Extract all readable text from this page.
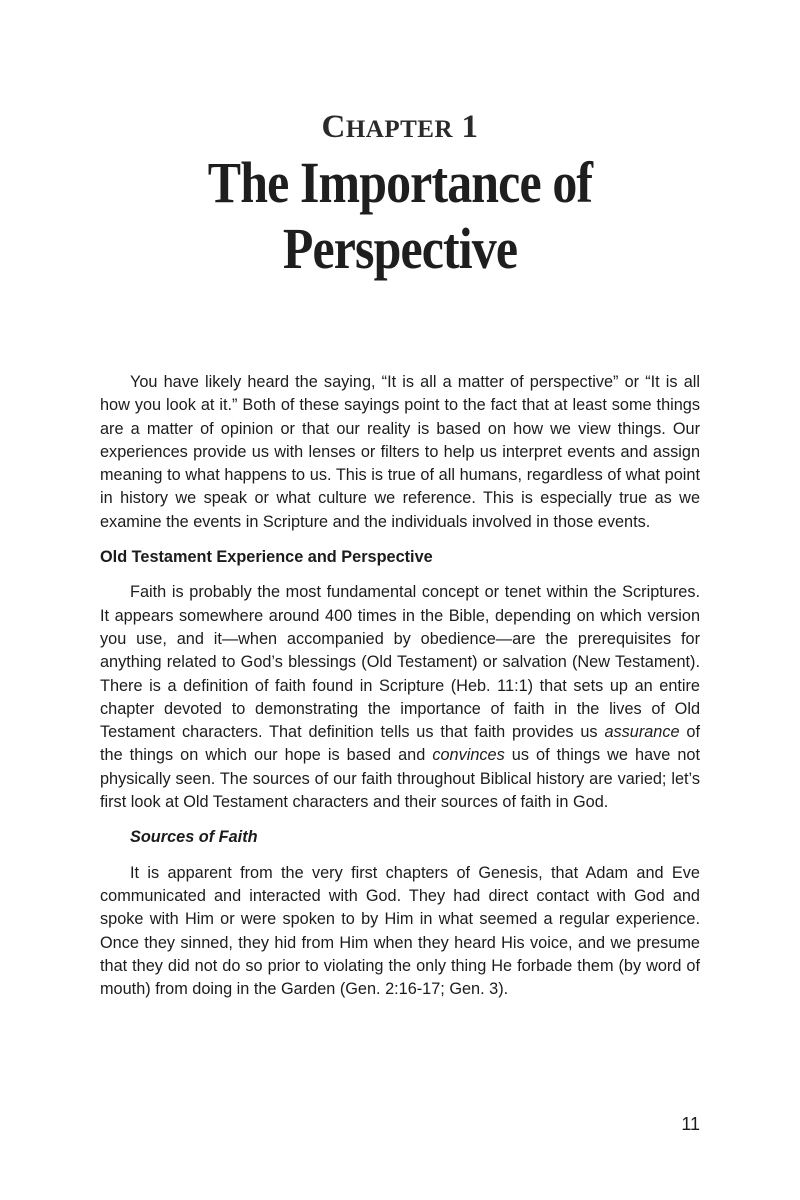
CHAPTER 1
The Importance of
Perspective

You have likely heard the saying, “It is all a matter of perspective” or “It is all how you look at it.” Both of these sayings point to the fact that at least some things are a matter of opinion or that our reality is based on how we view things. Our experiences provide us with lenses or filters to help us interpret events and assign meaning to what happens to us. This is true of all humans, regardless of what point in history we speak or what culture we reference. This is especially true as we examine the events in Scripture and the individuals involved in those events.

Old Testament Experience and Perspective

Faith is probably the most fundamental concept or tenet within the Scriptures. It appears somewhere around 400 times in the Bible, depending on which version you use, and it—when accompanied by obedience—are the prerequisites for anything related to God’s blessings (Old Testament) or salvation (New Testament). There is a definition of faith found in Scripture (Heb. 11:1) that sets up an entire chapter devoted to demonstrating the importance of faith in the lives of Old Testament characters. That definition tells us that faith provides us assurance of the things on which our hope is based and convinces us of things we have not physically seen. The sources of our faith throughout Biblical history are varied; let’s first look at Old Testament characters and their sources of faith in God.

Sources of Faith

It is apparent from the very first chapters of Genesis, that Adam and Eve communicated and interacted with God. They had direct contact with God and spoke with Him or were spoken to by Him in what seemed a regular experience. Once they sinned, they hid from Him when they heard His voice, and we presume that they did not do so prior to violating the only thing He forbade them (by word of mouth) from doing in the Garden (Gen. 2:16-17; Gen. 3).

11
